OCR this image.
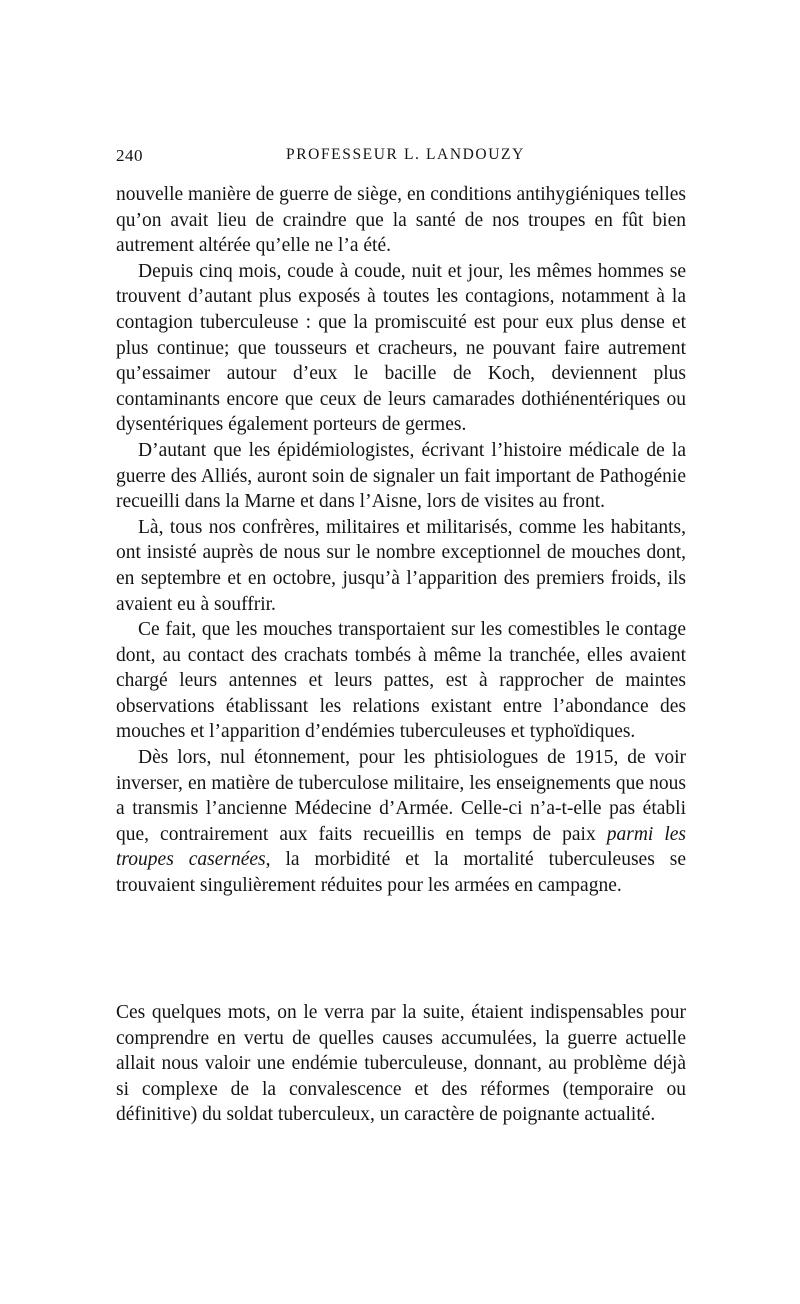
240	PROFESSEUR L. LANDOUZY

nouvelle manière de guerre de siège, en conditions antihygiéniques telles qu’on avait lieu de craindre que la santé de nos troupes en fût bien autrement altérée qu’elle ne l’a été.

Depuis cinq mois, coude à coude, nuit et jour, les mêmes hommes se trouvent d’autant plus exposés à toutes les contagions, notamment à la contagion tuberculeuse : que la promiscuité est pour eux plus dense et plus continue; que tousseurs et cracheurs, ne pouvant faire autrement qu’essaimer autour d’eux le bacille de Koch, deviennent plus contaminants encore que ceux de leurs camarades dothiénentériques ou dysentériques également porteurs de germes.

D’autant que les épidémiologistes, écrivant l’histoire médicale de la guerre des Alliés, auront soin de signaler un fait important de Pathogénie recueilli dans la Marne et dans l’Aisne, lors de visites au front.

Là, tous nos confrères, militaires et militarisés, comme les habitants, ont insisté auprès de nous sur le nombre exceptionnel de mouches dont, en septembre et en octobre, jusqu’à l’apparition des premiers froids, ils avaient eu à souffrir.

Ce fait, que les mouches transportaient sur les comestibles le contage dont, au contact des crachats tombés à même la tranchée, elles avaient chargé leurs antennes et leurs pattes, est à rapprocher de maintes observations établissant les relations existant entre l’abondance des mouches et l’apparition d’endémies tuberculeuses et typhoïdiques.

Dès lors, nul étonnement, pour les phtisiologues de 1915, de voir inverser, en matière de tuberculose militaire, les enseignements que nous a transmis l’ancienne Médecine d’Armée. Celle-ci n’a-t-elle pas établi que, contrairement aux faits recueillis en temps de paix parmi les troupes casernées, la morbidité et la mortalité tuberculeuses se trouvaient singulièrement réduites pour les armées en campagne.

Ces quelques mots, on le verra par la suite, étaient indispensables pour comprendre en vertu de quelles causes accumulées, la guerre actuelle allait nous valoir une endémie tuberculeuse, donnant, au problème déjà si complexe de la convalescence et des réformes (temporaire ou définitive) du soldat tuberculeux, un caractère de poignante actualité.
